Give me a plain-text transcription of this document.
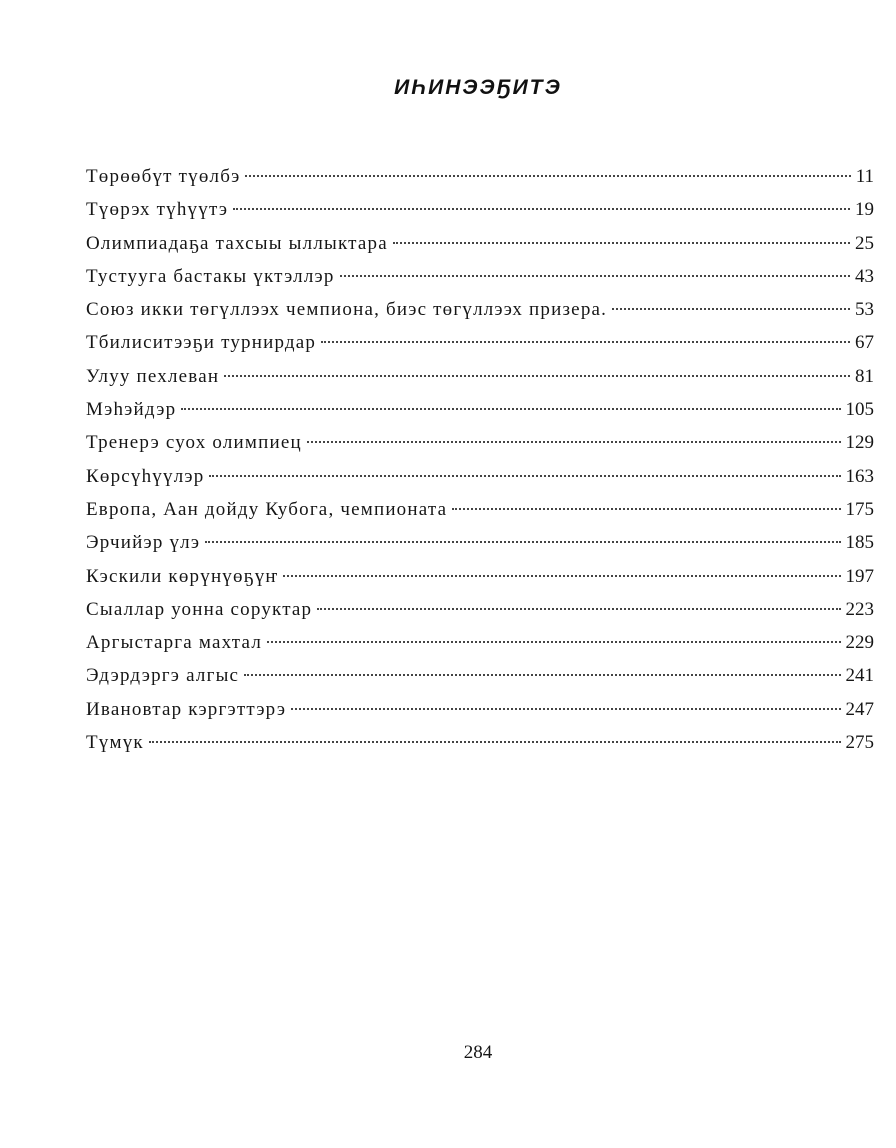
ИҺИНЭЭҔИТЭ
Төрөөбүт түөлбэ	11
Түөрэх түһүүтэ	19
Олимпиадаҕа тахсыы ыллыктара	25
Тустууга бастакы үктэллэр	43
Союз икки төгүллээх чемпиона, биэс төгүллээх призера.	53
Тбилиситээҕи турнирдар	67
Улуу пехлеван	81
Мэһэйдэр	105
Тренерэ суох олимпиец	129
Көрсүһүүлэр	163
Европа, Аан дойду Кубога, чемпионата	175
Эрчийэр үлэ	185
Кэскили көрүнүөҕүҥ	197
Сыаллар уонна соруктар	223
Аргыстарга махтал	229
Эдэрдэргэ алгыс	241
Ивановтар кэргэттэрэ	247
Түмүк	275
284
